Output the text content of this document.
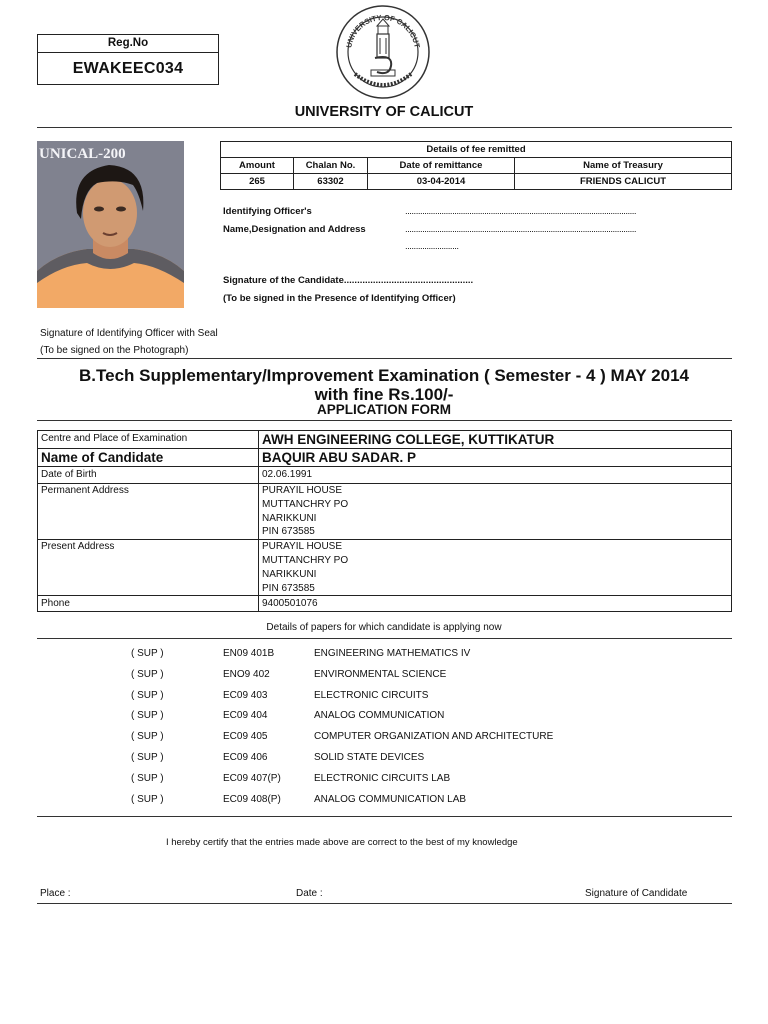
Reg.No
EWAKEEC034
UNIVERSITY OF CALICUT
UNIVERSITY OF CALICUT
UNICAL-200
Signature of Identifying Officer with Seal
(To be signed on the Photograph)
Details of fee remitted			
Amount	Chalan No.	Date of remittance	Name of Treasury
265	63302	03-04-2014	FRIENDS CALICUT
Identifying Officer's
Name,Designation and Address
............................................................................................................
............................................................................................................
.........................
Signature of the Candidate.................................................
(To be signed in the Presence of Identifying Officer)
B.Tech Supplementary/Improvement Examination ( Semester - 4 ) MAY 2014
with fine Rs.100/-
APPLICATION FORM
Centre and Place of Examination	AWH ENGINEERING COLLEGE, KUTTIKATUR
Name of Candidate	BAQUIR ABU SADAR. P
Date of Birth	02.06.1991
Permanent Address	PURAYIL HOUSE
MUTTANCHRY PO
NARIKKUNI
PIN 673585

Present Address	PURAYIL HOUSE
MUTTANCHRY PO
NARIKKUNI
PIN 673585

Phone	9400501076
Details of papers for which candidate is applying now
( SUP )	EN09 401B	ENGINEERING MATHEMATICS IV
( SUP )	ENO9 402	ENVIRONMENTAL SCIENCE
( SUP )	EC09 403	ELECTRONIC CIRCUITS
( SUP )	EC09 404	ANALOG COMMUNICATION
( SUP )	EC09 405	COMPUTER ORGANIZATION AND ARCHITECTURE
( SUP )	EC09 406	SOLID STATE DEVICES
( SUP )	EC09 407(P)	ELECTRONIC CIRCUITS LAB
( SUP )	EC09 408(P)	ANALOG COMMUNICATION LAB
I hereby certify that the entries made above are correct to the best of my knowledge
Place :	Date :	Signature of Candidate
